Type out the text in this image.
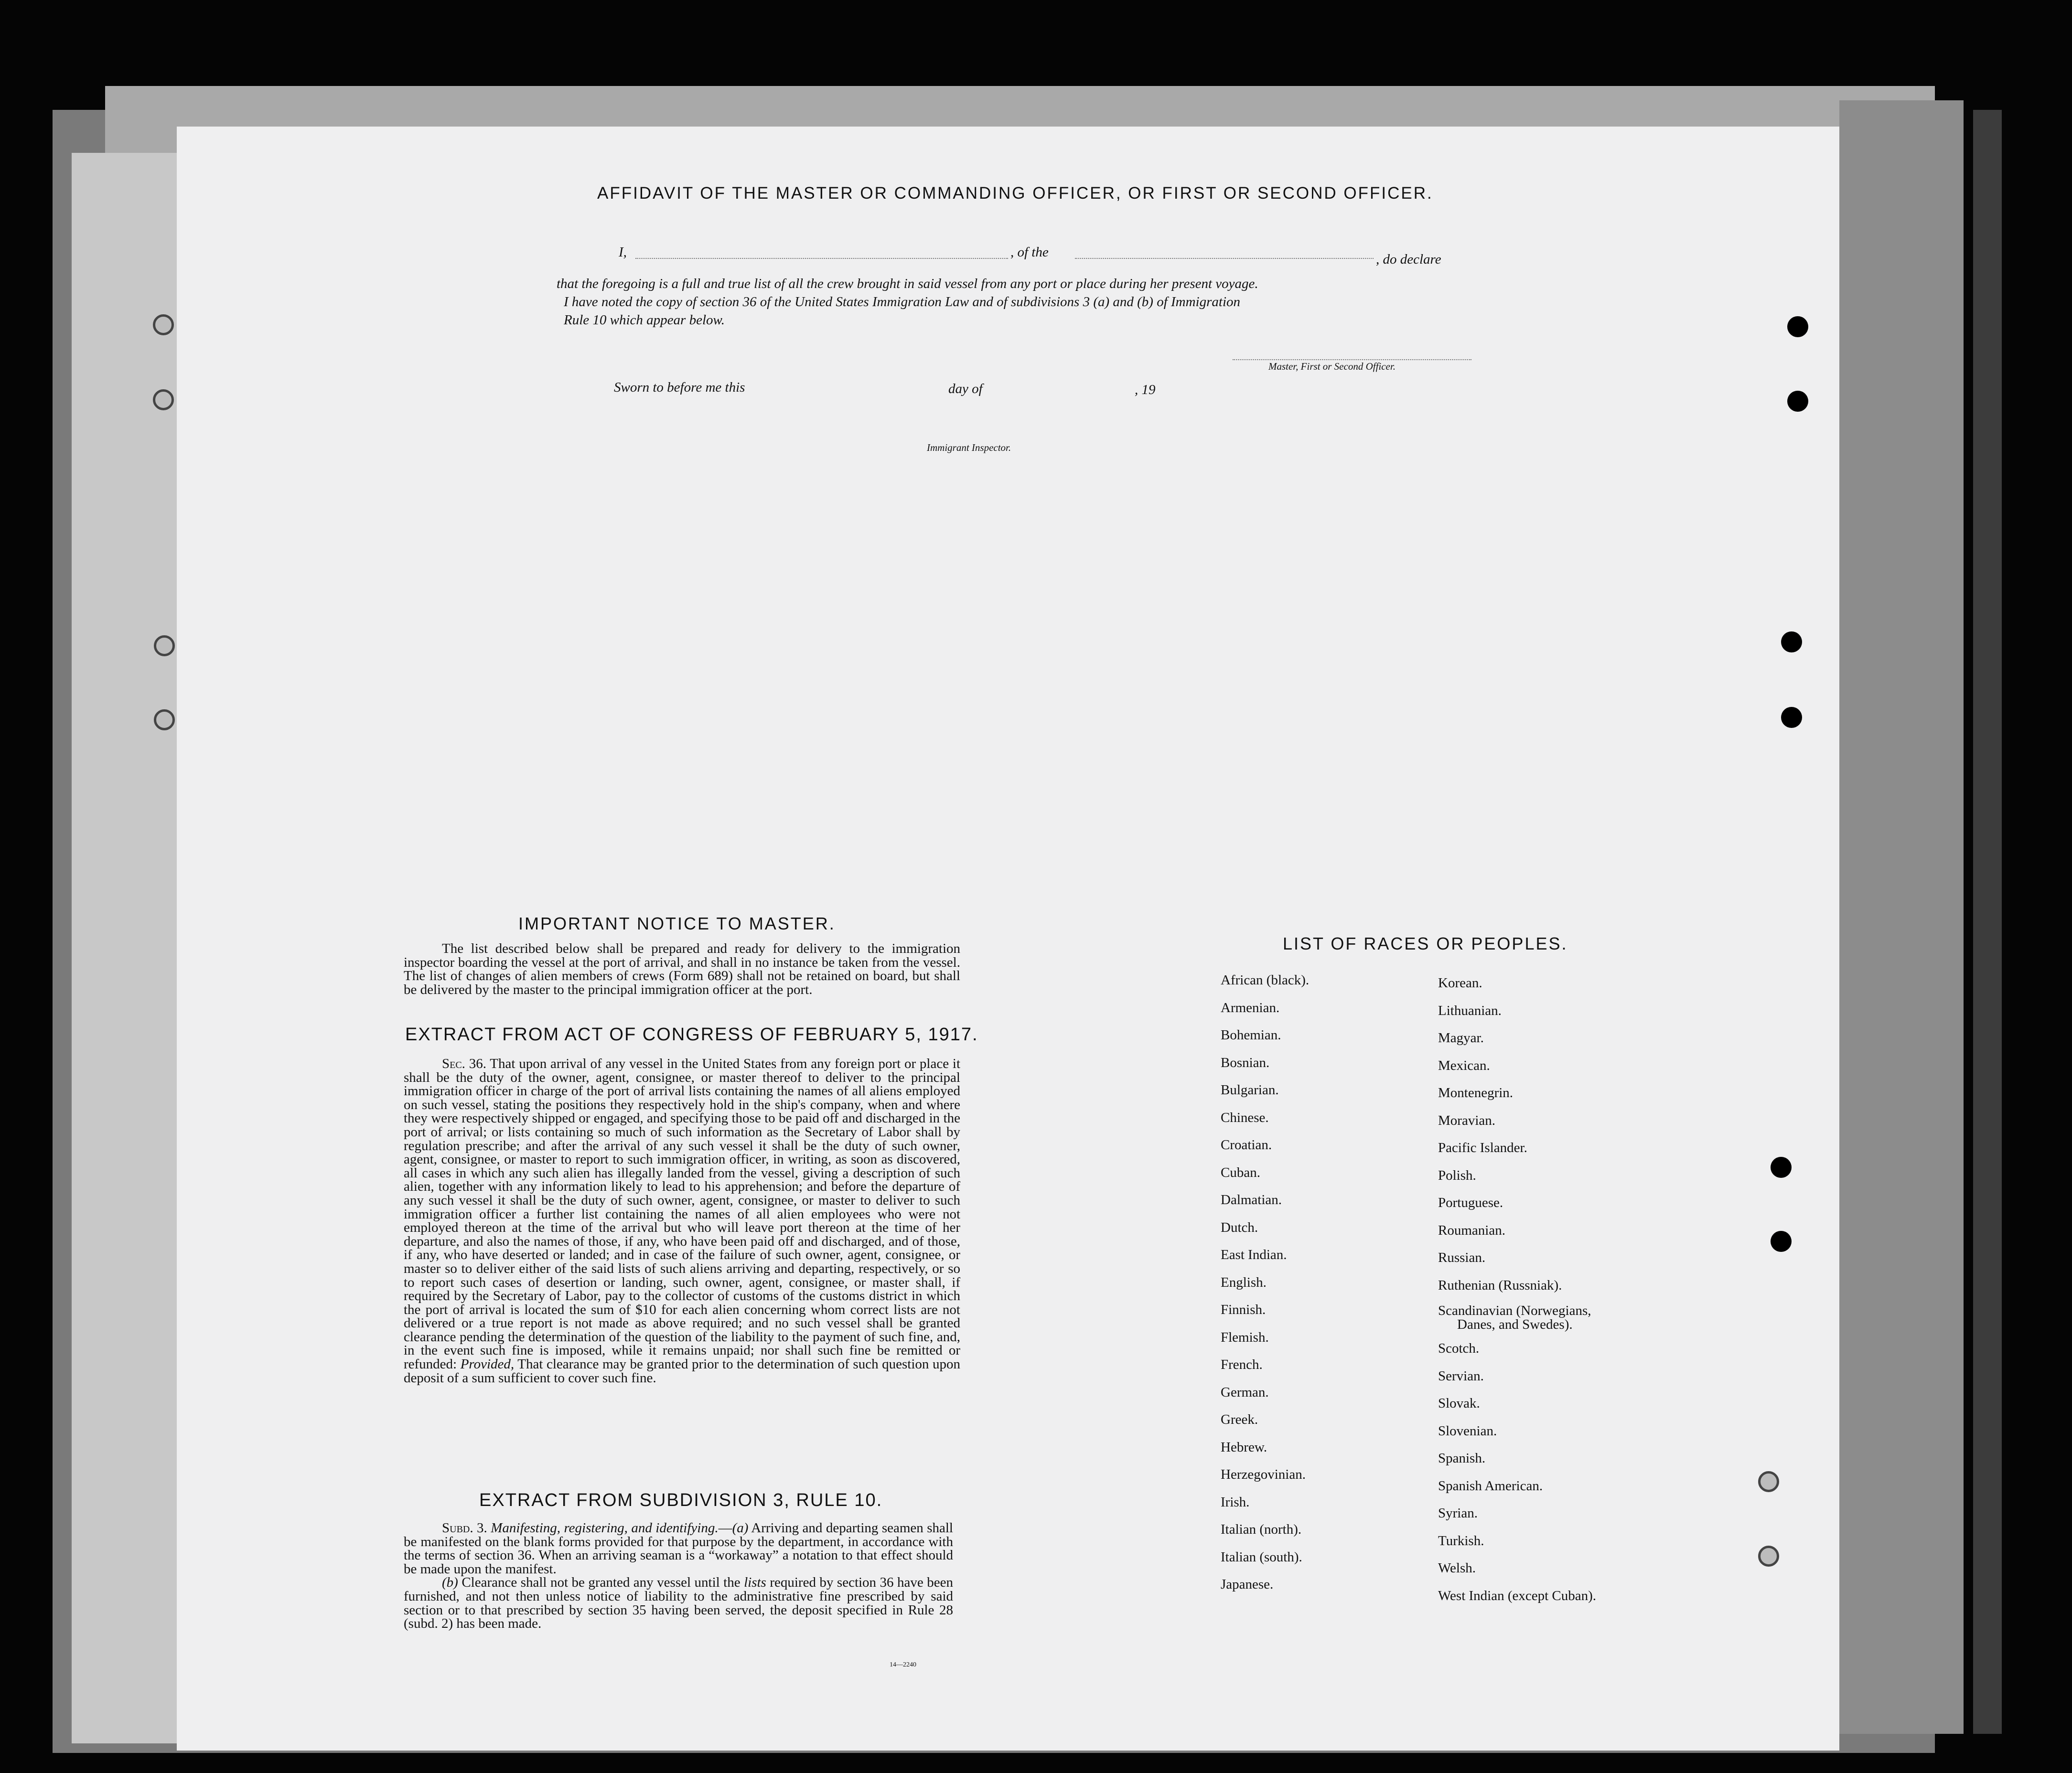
AFFIDAVIT OF THE MASTER OR COMMANDING OFFICER, OR FIRST OR SECOND OFFICER.
I,	, of the	, do declare
that the foregoing is a full and true list of all the crew brought in said vessel from any port or place during her present voyage.
I have noted the copy of section 36 of the United States Immigration Law and of subdivisions 3 (a) and (b) of Immigration
Rule 10 which appear below.
Master, First or Second Officer.
Sworn to before me this	day of	, 19
Immigrant Inspector.
IMPORTANT NOTICE TO MASTER.

The list described below shall be prepared and ready for delivery to the immigration inspector boarding the vessel at the port of arrival, and shall in no instance be taken from the vessel. The list of changes of alien members of crews (Form 689) shall not be retained on board, but shall be delivered by the master to the principal immigration officer at the port.

EXTRACT FROM ACT OF CONGRESS OF FEBRUARY 5, 1917.

Sec. 36. That upon arrival of any vessel in the United States from any foreign port or place it shall be the duty of the owner, agent, consignee, or master thereof to deliver to the principal immigration officer in charge of the port of arrival lists containing the names of all aliens employed on such vessel, stating the positions they respectively hold in the ship's company, when and where they were respectively shipped or engaged, and specifying those to be paid off and discharged in the port of arrival; or lists containing so much of such information as the Secretary of Labor shall by regulation prescribe; and after the arrival of any such vessel it shall be the duty of such owner, agent, consignee, or master to report to such immigration officer, in writing, as soon as discovered, all cases in which any such alien has illegally landed from the vessel, giving a description of such alien, together with any information likely to lead to his apprehension; and before the departure of any such vessel it shall be the duty of such owner, agent, consignee, or master to deliver to such immigration officer a further list containing the names of all alien employees who were not employed thereon at the time of the arrival but who will leave port thereon at the time of her departure, and also the names of those, if any, who have been paid off and discharged, and of those, if any, who have deserted or landed; and in case of the failure of such owner, agent, consignee, or master so to deliver either of the said lists of such aliens arriving and departing, respectively, or so to report such cases of desertion or landing, such owner, agent, consignee, or master shall, if required by the Secretary of Labor, pay to the collector of customs of the customs district in which the port of arrival is located the sum of $10 for each alien concerning whom correct lists are not delivered or a true report is not made as above required; and no such vessel shall be granted clearance pending the determination of the question of the liability to the payment of such fine, and, in the event such fine is imposed, while it remains unpaid; nor shall such fine be remitted or refunded: Provided, That clearance may be granted prior to the determination of such question upon deposit of a sum sufficient to cover such fine.

EXTRACT FROM SUBDIVISION 3, RULE 10.

Subd. 3. Manifesting, registering, and identifying.—(a) Arriving and departing seamen shall be manifested on the blank forms provided for that purpose by the department, in accordance with the terms of section 36. When an arriving seaman is a “workaway” a notation to that effect should be made upon the manifest.

(b) Clearance shall not be granted any vessel until the lists required by section 36 have been furnished, and not then unless notice of liability to the administrative fine prescribed by said section or to that prescribed by section 35 having been served, the deposit specified in Rule 28 (subd. 2) has been made.

14—2240
LIST OF RACES OR PEOPLES.
African (black).
Armenian.
Bohemian.
Bosnian.
Bulgarian.
Chinese.
Croatian.
Cuban.
Dalmatian.
Dutch.
East Indian.
English.
Finnish.
Flemish.
French.
German.
Greek.
Hebrew.
Herzegovinian.
Irish.
Italian (north).
Italian (south).
Japanese.
Korean.
Lithuanian.
Magyar.
Mexican.
Montenegrin.
Moravian.
Pacific Islander.
Polish.
Portuguese.
Roumanian.
Russian.
Ruthenian (Russniak).
Scandinavian (Norwegians,
Danes, and Swedes).
Scotch.
Servian.
Slovak.
Slovenian.
Spanish.
Spanish American.
Syrian.
Turkish.
Welsh.
West Indian (except Cuban).
